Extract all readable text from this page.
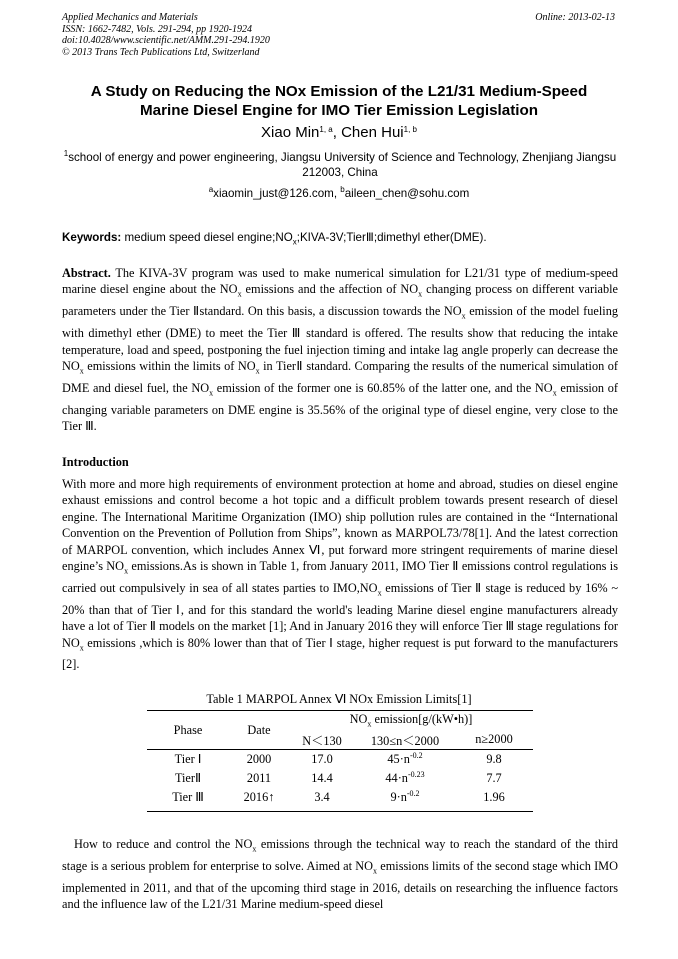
Applied Mechanics and Materials
ISSN: 1662-7482, Vols. 291-294, pp 1920-1924
doi:10.4028/www.scientific.net/AMM.291-294.1920
© 2013 Trans Tech Publications Ltd, Switzerland
Online: 2013-02-13
A Study on Reducing the NOx Emission of the L21/31 Medium-Speed
Marine Diesel Engine for IMO Tier Emission Legislation
Xiao Min$^{1, a}$, Chen Hui$^{1, b}$
$^1$school of energy and power engineering, Jiangsu University of Science and Technology, Zhenjiang Jiangsu 212003, China
$^a$xiaomin_just@126.com, $^b$aileen_chen@sohu.com
Keywords: medium speed diesel $engine;NO_x;KIVA-3V;TierⅢ;dimethyl$ ether(DME).
Abstract. The KIVA-3V program was used to make numerical simulation for L21/31 type of medium-speed marine diesel engine about the $NO_x$ emissions and the affection of $NO_x$ changing process on different variable parameters under the Tier Ⅱstandard. On this basis, a discussion towards the $NO_x$ emission of the model fueling with dimethyl ether (DME) to meet the Tier Ⅲ standard is offered. The results show that reducing the intake temperature, load and speed, postponing the fuel injection timing and intake lag angle properly can decrease the $NO_x$ emissions within the limits of $NO_x$ in TierⅡ standard. Comparing the results of the numerical simulation of DME and diesel fuel, the $NO_x$ emission of the former one is 60.85% of the latter one, and the $NO_x$ emission of changing variable parameters on DME engine is 35.56% of the original type of diesel engine, very close to the Tier Ⅲ.
Introduction
With more and more high requirements of environment protection at home and abroad, studies on diesel engine exhaust emissions and control become a hot topic and a difficult problem towards present research of diesel engine. The International Maritime Organization (IMO) ship pollution rules are contained in the “International Convention on the Prevention of Pollution from Ships”, known as MARPOL73/78[1]. And the latest correction of MARPOL convention, which includes Annex Ⅵ, put forward more stringent requirements of marine diesel engine’s $NO_x$ emissions.As is shown in Table 1, from January 2011, IMO Tier Ⅱ emissions control regulations is carried out compulsively in sea of all states parties to $IMO,NO_x$ emissions of Tier Ⅱ stage is reduced by 16% ~ 20% than that of Tier Ⅰ, and for this standard the world's leading Marine diesel engine manufacturers already have a lot of Tier Ⅱ models on the market [1]; And in January 2016 they will enforce Tier Ⅲ stage regulations for $NO_x$ emissions ,which is 80% lower than that of Tier Ⅰ stage, higher request is put forward to the manufacturers [2].
Table 1 MARPOL Annex Ⅵ NOx Emission Limits[1]
Phase	Date	$NO_x$ emission[g/(kW•h)]		
		N＜130	130≤n＜2000	n≥2000
Tier Ⅰ	2000	17.0	$45\cdot n^{-0.2}$	9.8
TierⅡ	2011	14.4	$44\cdot n^{-0.23}$	7.7
Tier Ⅲ	2016↑	3.4	$9\cdot n^{-0.2}$	1.96
How to reduce and control the $NO_x$ emissions through the technical way to reach the standard of the third stage is a serious problem for enterprise to solve. Aimed at $NO_x$ emissions limits of the second stage which IMO implemented in 2011, and that of the upcoming third stage in 2016, details on researching the influence factors and the influence law of the L21/31 Marine medium-speed diesel
